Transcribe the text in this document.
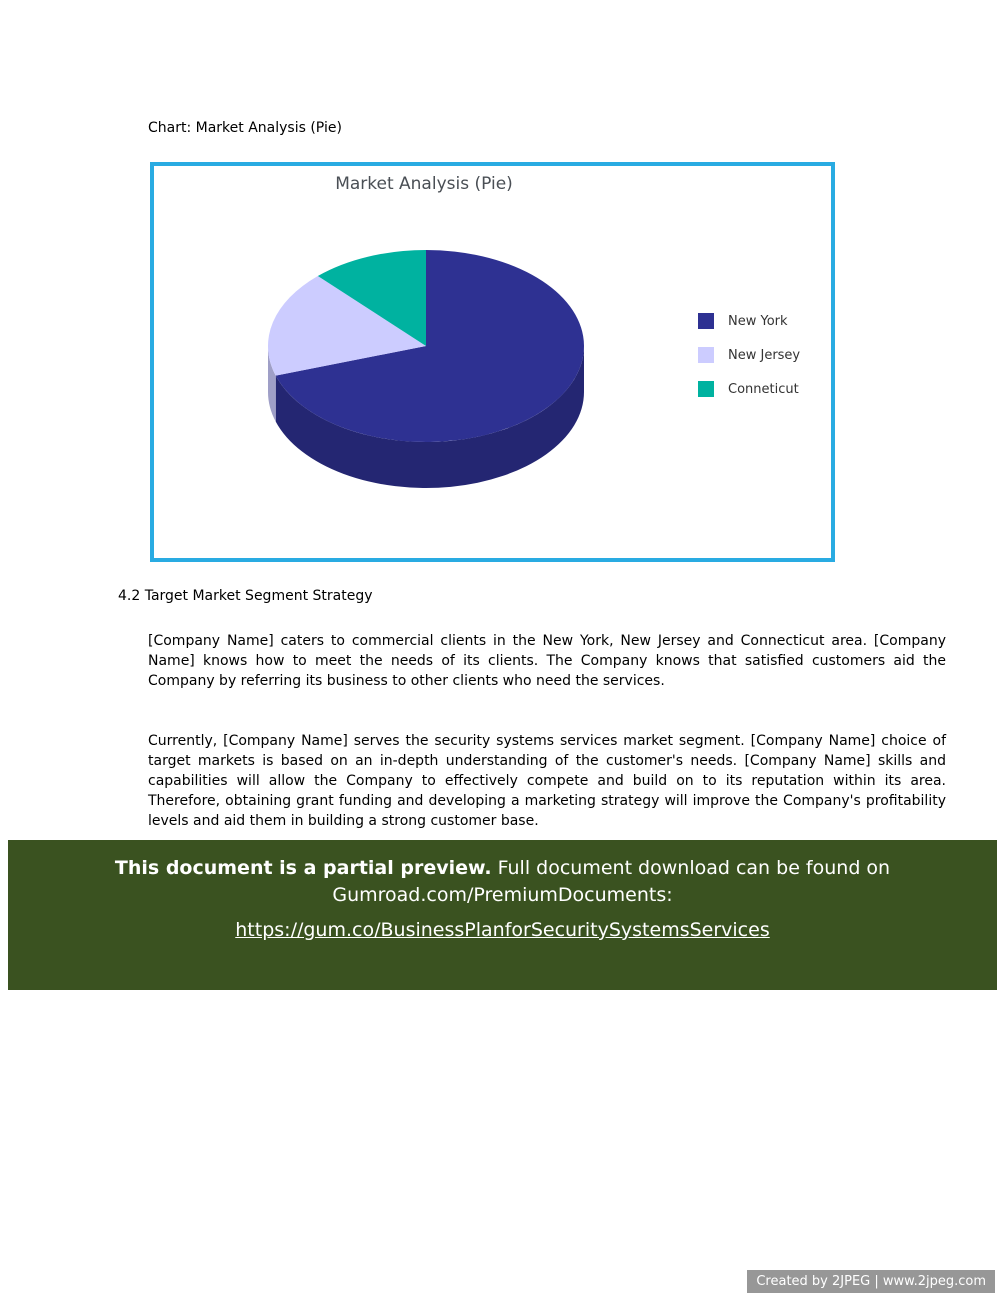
Chart: Market Analysis (Pie)
Market Analysis (Pie)
New York
New Jersey
Conneticut
4.2 Target Market Segment Strategy
[Company Name] caters to commercial clients in the New York, New Jersey and Connecticut area. [Company Name] knows how to meet the needs of its clients. The Company knows that satisfied customers aid the Company by referring its business to other clients who need the services.
Currently, [Company Name] serves the security systems services market segment. [Company Name] choice of target markets is based on an in-depth understanding of the customer's needs. [Company Name] skills and capabilities will allow the Company to effectively compete and build on to its reputation within its area. Therefore, obtaining grant funding and developing a marketing strategy will improve the Company's profitability levels and aid them in building a strong customer base.
This document is a partial preview. Full document download can be found on
Gumroad.com/PremiumDocuments:
https://gum.co/BusinessPlanforSecuritySystemsServices
Created by 2JPEG | www.2jpeg.com
